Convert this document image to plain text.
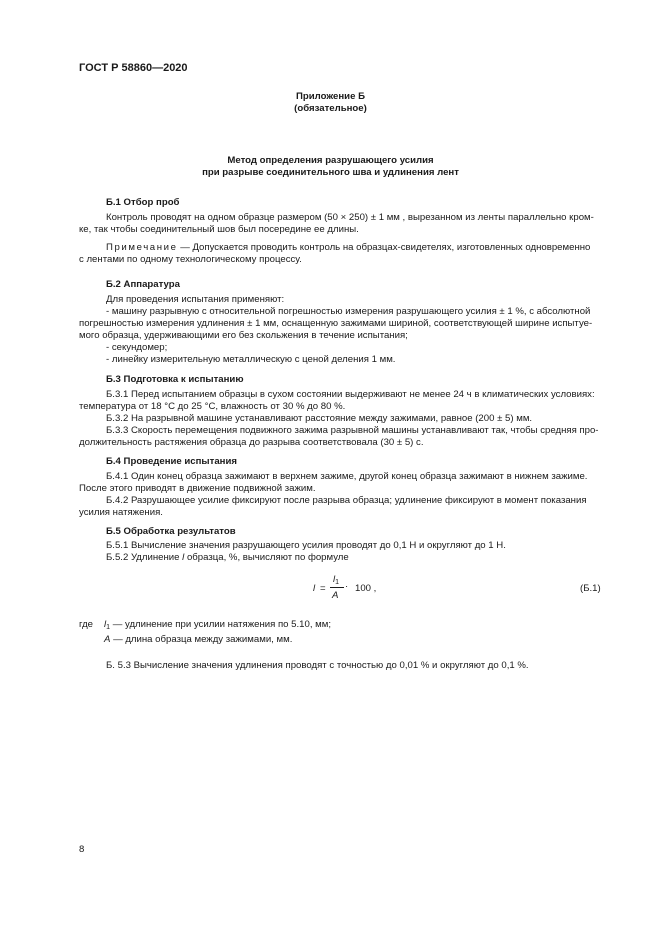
ГОСТ Р 58860—2020
Приложение Б
(обязательное)
Метод определения разрушающего усилия
при разрыве соединительного шва и удлинения лент
Б.1 Отбор проб
Контроль проводят на одном образце размером (50 × 250) ± 1 мм , вырезанном из ленты параллельно кром-
ке, так чтобы соединительный шов был посередине ее длины.
Примечание — Допускается проводить контроль на образцах-свидетелях, изготовленных одновременно
с лентами по одному технологическому процессу.
Б.2 Аппаратура
Для проведения испытания применяют:
- машину разрывную с относительной погрешностью измерения разрушающего усилия ± 1 %, с абсолютной
погрешностью измерения удлинения ± 1 мм, оснащенную зажимами шириной, соответствующей ширине испытуе-
мого образца, удерживающими его без скольжения в течение испытания;
- секундомер;
- линейку измерительную металлическую с ценой деления 1 мм.
Б.3 Подготовка к испытанию
Б.3.1 Перед испытанием образцы в сухом состоянии выдерживают не менее 24 ч в климатических условиях:
температура от 18 °С до 25 °С, влажность от 30 % до 80 %.
Б.3.2 На разрывной машине устанавливают расстояние между зажимами, равное (200 ± 5) мм.
Б.3.3 Скорость перемещения подвижного зажима разрывной машины устанавливают так, чтобы средняя про-
должительность растяжения образца до разрыва соответствовала (30 ± 5) с.
Б.4 Проведение испытания
Б.4.1 Один конец образца зажимают в верхнем зажиме, другой конец образца зажимают в нижнем зажиме.
После этого приводят в движение подвижной зажим.
Б.4.2 Разрушающее усилие фиксируют после разрыва образца; удлинение фиксируют в момент показания
усилия натяжения.
Б.5 Обработка результатов
Б.5.1 Вычисление значения разрушающего усилия проводят до 0,1 Н и округляют до 1 Н.
Б.5.2 Удлинение l образца, %, вычисляют по формуле
l =
$l_1$
A
· 100 ,	(Б.1)
где $l_1$ — удлинение при усилии натяжения по 5.10, мм;
A — длина образца между зажимами, мм.
Б. 5.3 Вычисление значения удлинения проводят с точностью до 0,01 % и округляют до 0,1 %.
8
